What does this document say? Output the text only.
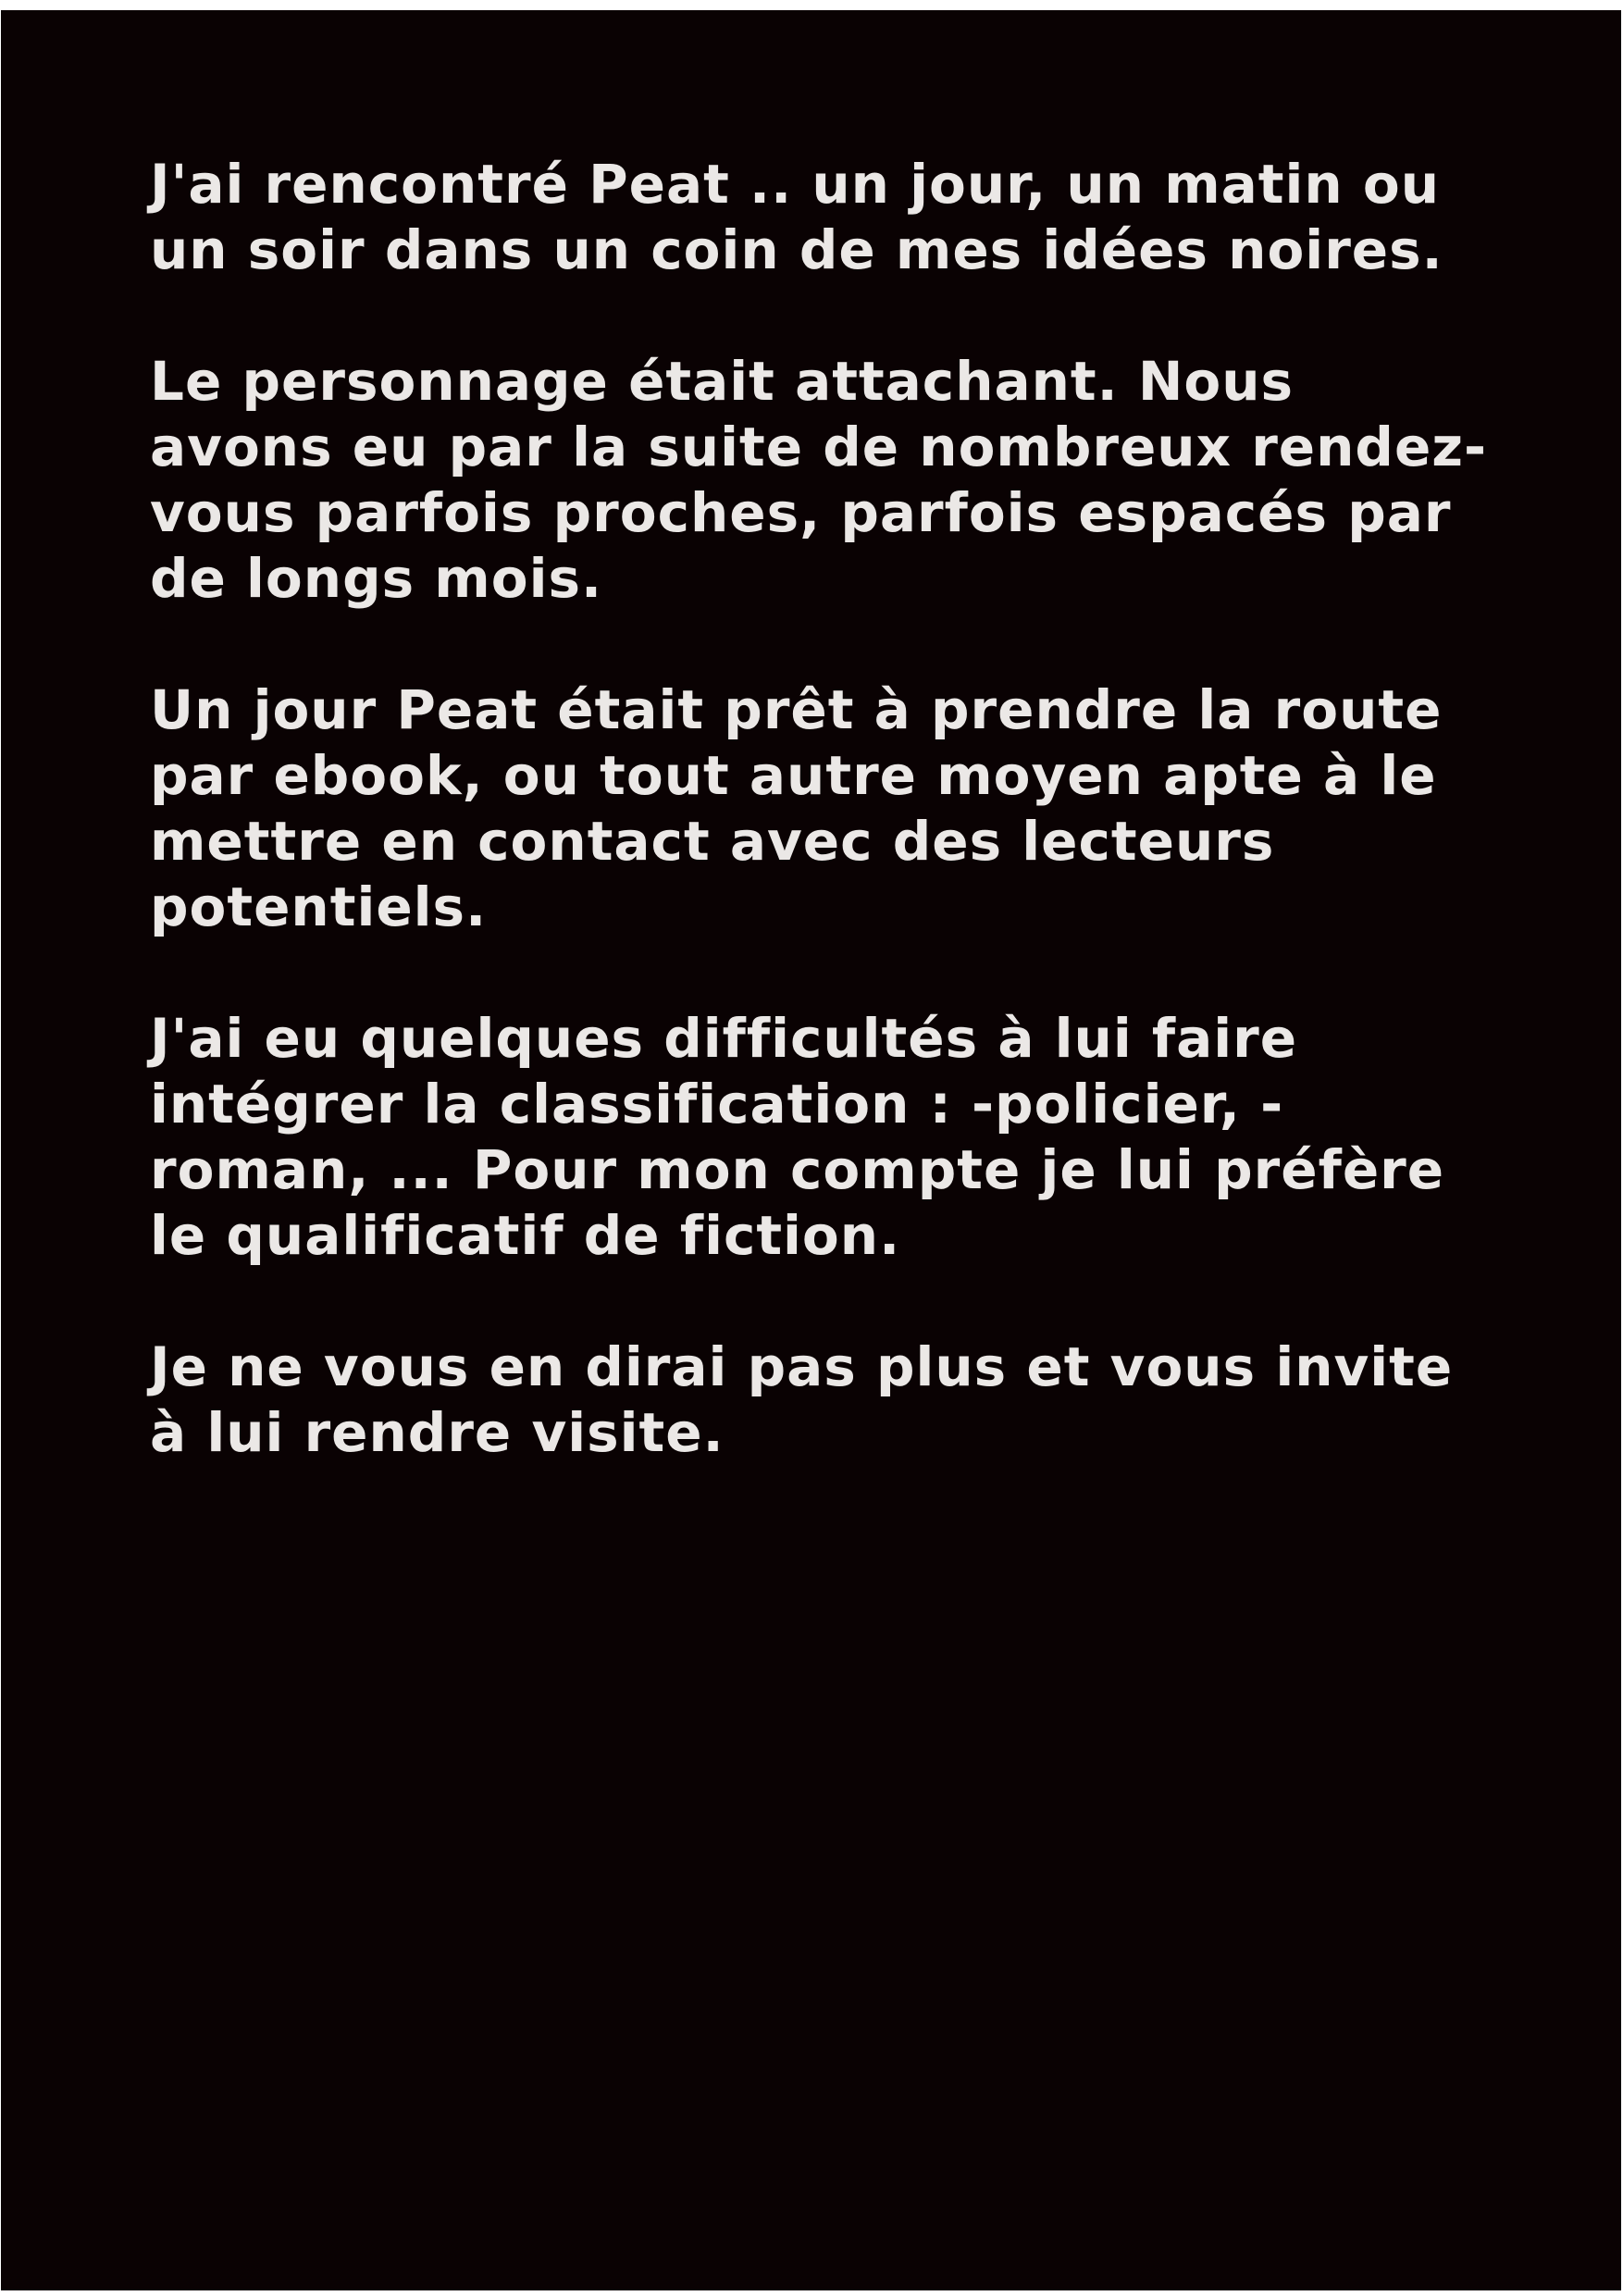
J'ai rencontré Peat .. un jour, un matin ou
un soir dans un coin de mes idées noires.

Le personnage était attachant. Nous
avons eu par la suite de nombreux rendez-
vous parfois proches, parfois espacés par
de longs mois.

Un jour Peat était prêt à prendre la route
par ebook, ou tout autre moyen apte à le
mettre en contact avec des lecteurs
potentiels.

J'ai eu quelques difficultés à lui faire
intégrer la classification : -policier, -
roman, ... Pour mon compte je lui préfère
le qualificatif de fiction.

Je ne vous en dirai pas plus et vous invite
à lui rendre visite.
